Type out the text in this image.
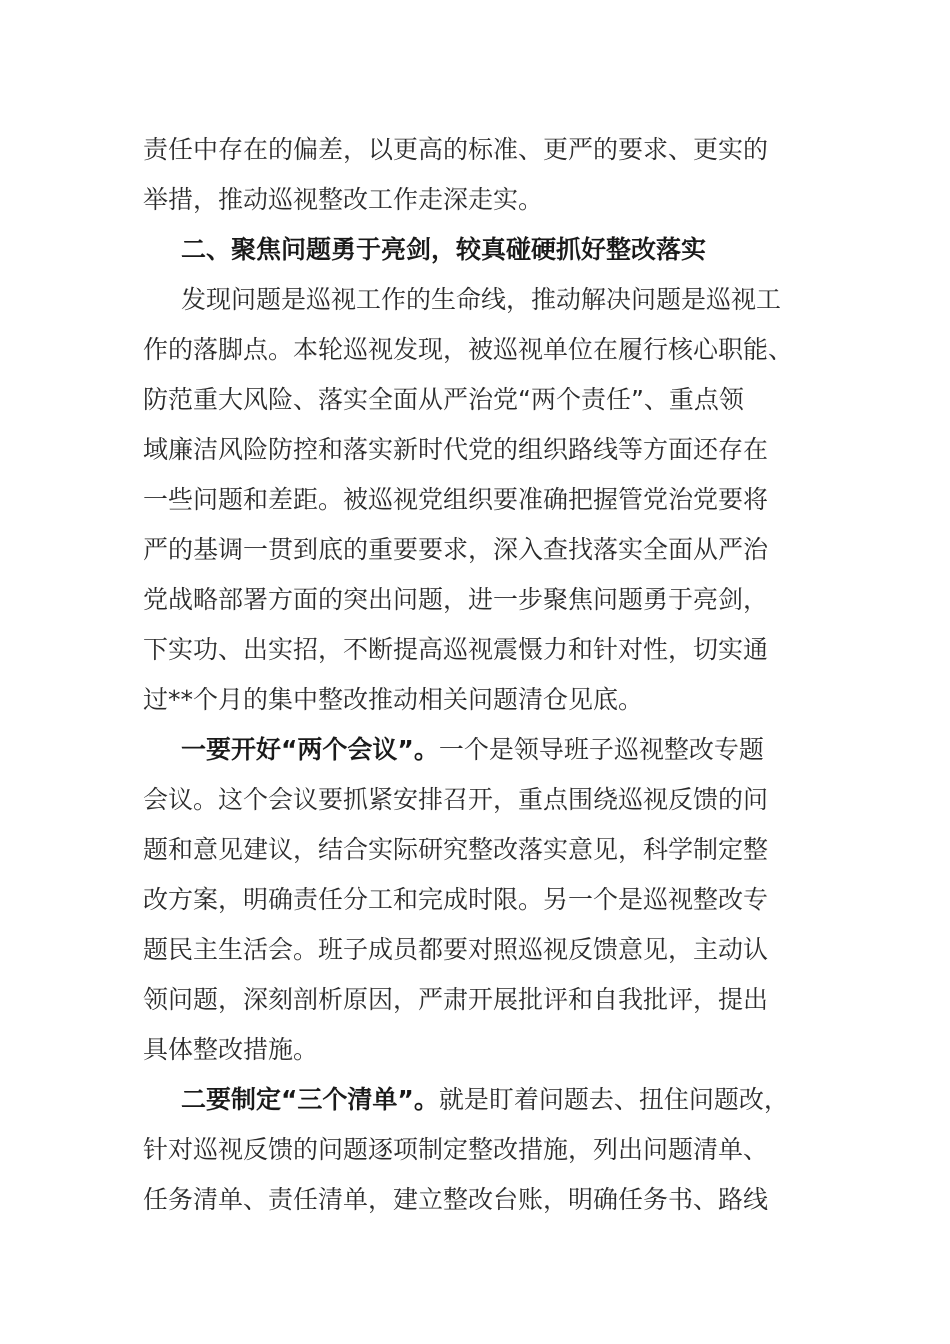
责任中存在的偏差，以更高的标准、更严的要求、更实的
举措，推动巡视整改工作走深走实。
二、聚焦问题勇于亮剑，较真碰硬抓好整改落实
发现问题是巡视工作的生命线，推动解决问题是巡视工
作的落脚点。本轮巡视发现，被巡视单位在履行核心职能、
防范重大风险、落实全面从严治党“两个责任”、重点领
域廉洁风险防控和落实新时代党的组织路线等方面还存在
一些问题和差距。被巡视党组织要准确把握管党治党要将
严的基调一贯到底的重要要求，深入查找落实全面从严治
党战略部署方面的突出问题，进一步聚焦问题勇于亮剑，
下实功、出实招，不断提高巡视震慑力和针对性，切实通
过**个月的集中整改推动相关问题清仓见底。
一要开好“两个会议”。一个是领导班子巡视整改专题
会议。这个会议要抓紧安排召开，重点围绕巡视反馈的问
题和意见建议，结合实际研究整改落实意见，科学制定整
改方案，明确责任分工和完成时限。另一个是巡视整改专
题民主生活会。班子成员都要对照巡视反馈意见，主动认
领问题，深刻剖析原因，严肃开展批评和自我批评，提出
具体整改措施。
二要制定“三个清单”。就是盯着问题去、扭住问题改，
针对巡视反馈的问题逐项制定整改措施，列出问题清单、
任务清单、责任清单，建立整改台账，明确任务书、路线
